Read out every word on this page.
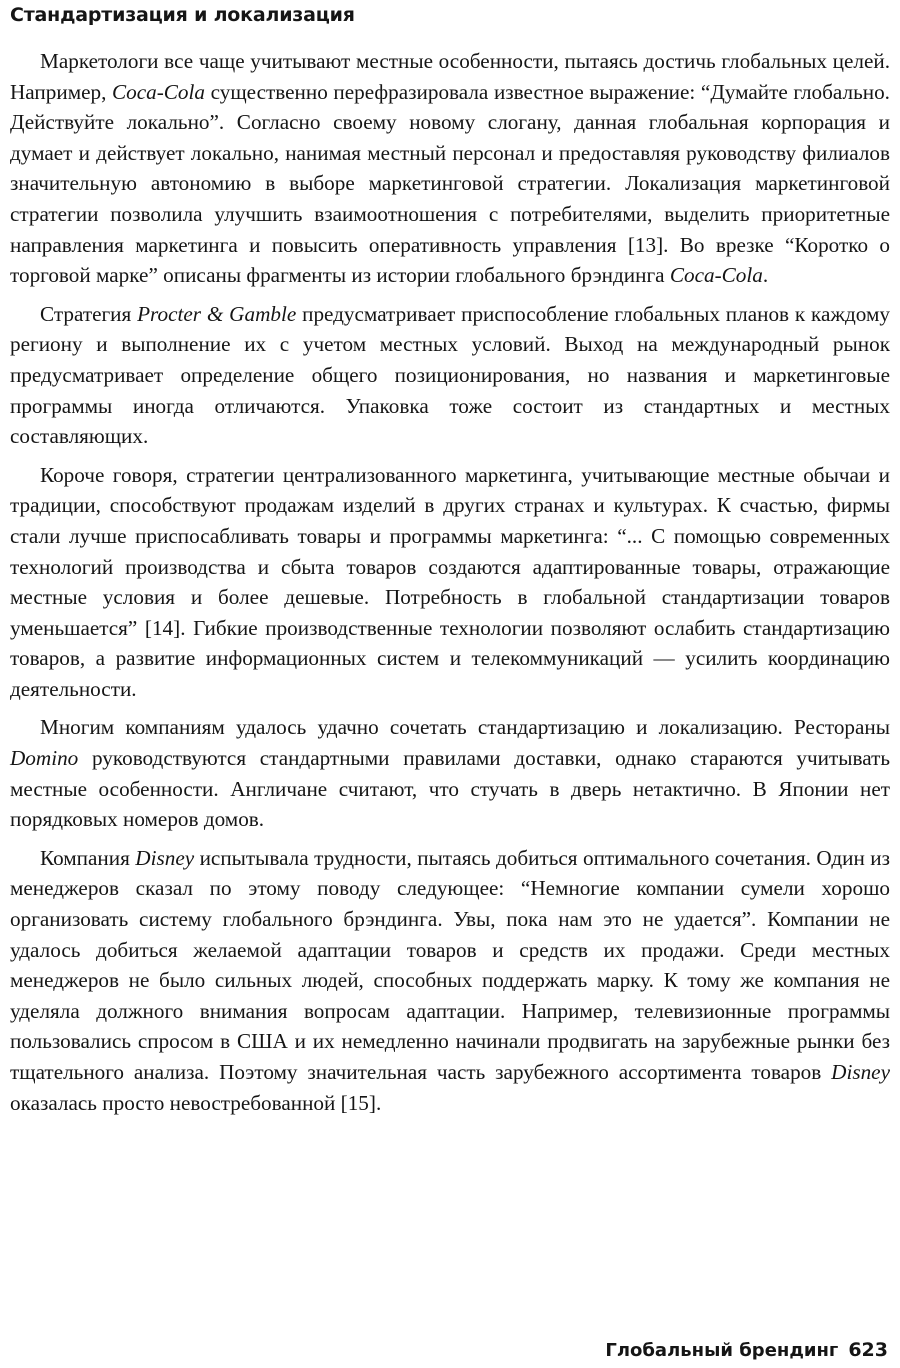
Стандартизация и локализация

Маркетологи все чаще учитывают местные особенности, пытаясь достичь глобальных целей. Например, Coca-Cola существенно перефразировала известное выражение: “Думайте глобально. Действуйте локально”. Согласно своему новому слогану, данная глобальная корпорация и думает и действует локально, нанимая местный персонал и предоставляя руководству филиалов значительную автономию в выборе маркетинговой стратегии. Локализация маркетинговой стратегии позволила улучшить взаимоотношения с потребителями, выделить приоритетные направления маркетинга и повысить оперативность управления [13]. Во врезке “Коротко о торговой марке” описаны фрагменты из истории глобального брэндинга Coca-Cola.

Стратегия Procter & Gamble предусматривает приспособление глобальных планов к каждому региону и выполнение их с учетом местных условий. Выход на международный рынок предусматривает определение общего позиционирования, но названия и маркетинговые программы иногда отличаются. Упаковка тоже состоит из стандартных и местных составляющих.

Короче говоря, стратегии централизованного маркетинга, учитывающие местные обычаи и традиции, способствуют продажам изделий в других странах и культурах. К счастью, фирмы стали лучше приспосабливать товары и программы маркетинга: “... С помощью современных технологий производства и сбыта товаров создаются адаптированные товары, отражающие местные условия и более дешевые. Потребность в глобальной стандартизации товаров уменьшается” [14]. Гибкие производственные технологии позволяют ослабить стандартизацию товаров, а развитие информационных систем и телекоммуникаций — усилить координацию деятельности.

Многим компаниям удалось удачно сочетать стандартизацию и локализацию. Рестораны Domino руководствуются стандартными правилами доставки, однако стараются учитывать местные особенности. Англичане считают, что стучать в дверь нетактично. В Японии нет порядковых номеров домов.

Компания Disney испытывала трудности, пытаясь добиться оптимального сочетания. Один из менеджеров сказал по этому поводу следующее: “Немногие компании сумели хорошо организовать систему глобального брэндинга. Увы, пока нам это не удается”. Компании не удалось добиться желаемой адаптации товаров и средств их продажи. Среди местных менеджеров не было сильных людей, способных поддержать марку. К тому же компания не уделяла должного внимания вопросам адаптации. Например, телевизионные программы пользовались спросом в США и их немедленно начинали продвигать на зарубежные рынки без тщательного анализа. Поэтому значительная часть зарубежного ассортимента товаров Disney оказалась просто невостребованной [15].

Глобальный брендинг 623
